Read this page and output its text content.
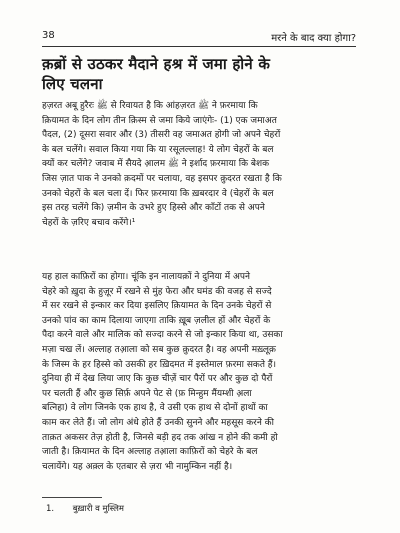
38	मरने के बाद क्या होगा?
क़ब्रों से उठकर मैदाने हश्र में जमा होने के
लिए चलना
हज़रत अबू हुरैरः ﷺ से रिवायत है कि आंहज़रत ﷺ ने फ़रमाया कि
क़ियामत के दिन लोग तीन क़िस्म से जमा किये जाएंगेः- (1) एक जमाअत
पैदल, (2) दूसरा सवार और (3) तीसरी वह जमाअत होगी जो अपने चेहरों
के बल चलेंगे। सवाल किया गया कि या रसूलल्लाह! ये लोग चेहरों के बल
क्यों कर चलेंगे? जवाब में सैयदे आ़लम ﷺ ने इर्शाद फ़रमाया कि बेशक
जिस ज़ात पाक ने उनको क़दमों पर चलाया, वह इसपर क़ुदरत रखता है कि
उनको चेहरों के बल चला दें। फिर फ़रमाया कि ख़बरदार वे (चेहरों के बल
इस तरह चलेंगे कि) ज़मीन के उभरे हुए हिस्से और काँटों तक से अपने
चेहरों के ज़रिए बचाव करेंगे।¹
यह हाल काफ़िरों का होगा। चूंकि इन नालायक़ों ने दुनिया में अपने
चेहरे को ख़ुदा के हुज़ूर में रखने से मुंह फेरा और घमंड की वजह से सज्दे
में सर रखने से इन्कार कर दिया इसलिए क़ियामत के दिन उनके चेहरों से
उनको पांव का काम दिलाया जाएगा ताकि ख़ूब ज़लील हों और चेहरों के
पैदा करने वाले और मालिक को सज्दा करने से जो इन्कार किया था, उसका
मज़ा चख लें। अल्लाह तआ़ला को सब कुछ क़ुदरत है। वह अपनी मख़्लूक़
के जिस्म के हर हिस्से को उसकी हर ख़िदमत में इस्तेमाल फ़रमा सकते हैं।
दुनिया ही में देख लिया जाए कि कुछ चीज़ें चार पैरों पर और कुछ दो पैरों
पर चलती हैं और कुछ सिर्फ़ अपने पेट से (फ़ मिन्हुम मैंयम्शी अ़ला
बत्निहा) वे लोग जिनके एक हाथ है, वे उसी एक हाथ से दोनों हाथों का
काम कर लेते हैं। जो लोग अंधे होते हैं उनकी सुनने और महसूस करने की
ताक़त अकसर तेज़ होती है, जिनसे बड़ी हद तक आंख न होने की कमी हो
जाती है। क़ियामत के दिन अल्लाह तआ़ला काफ़िरों को चेहरे के बल
चलायेंगे। यह अक़्ल के एतबार से ज़रा भी नामुम्किन नहीं है।
1. बुख़ारी व मुस्लिम
